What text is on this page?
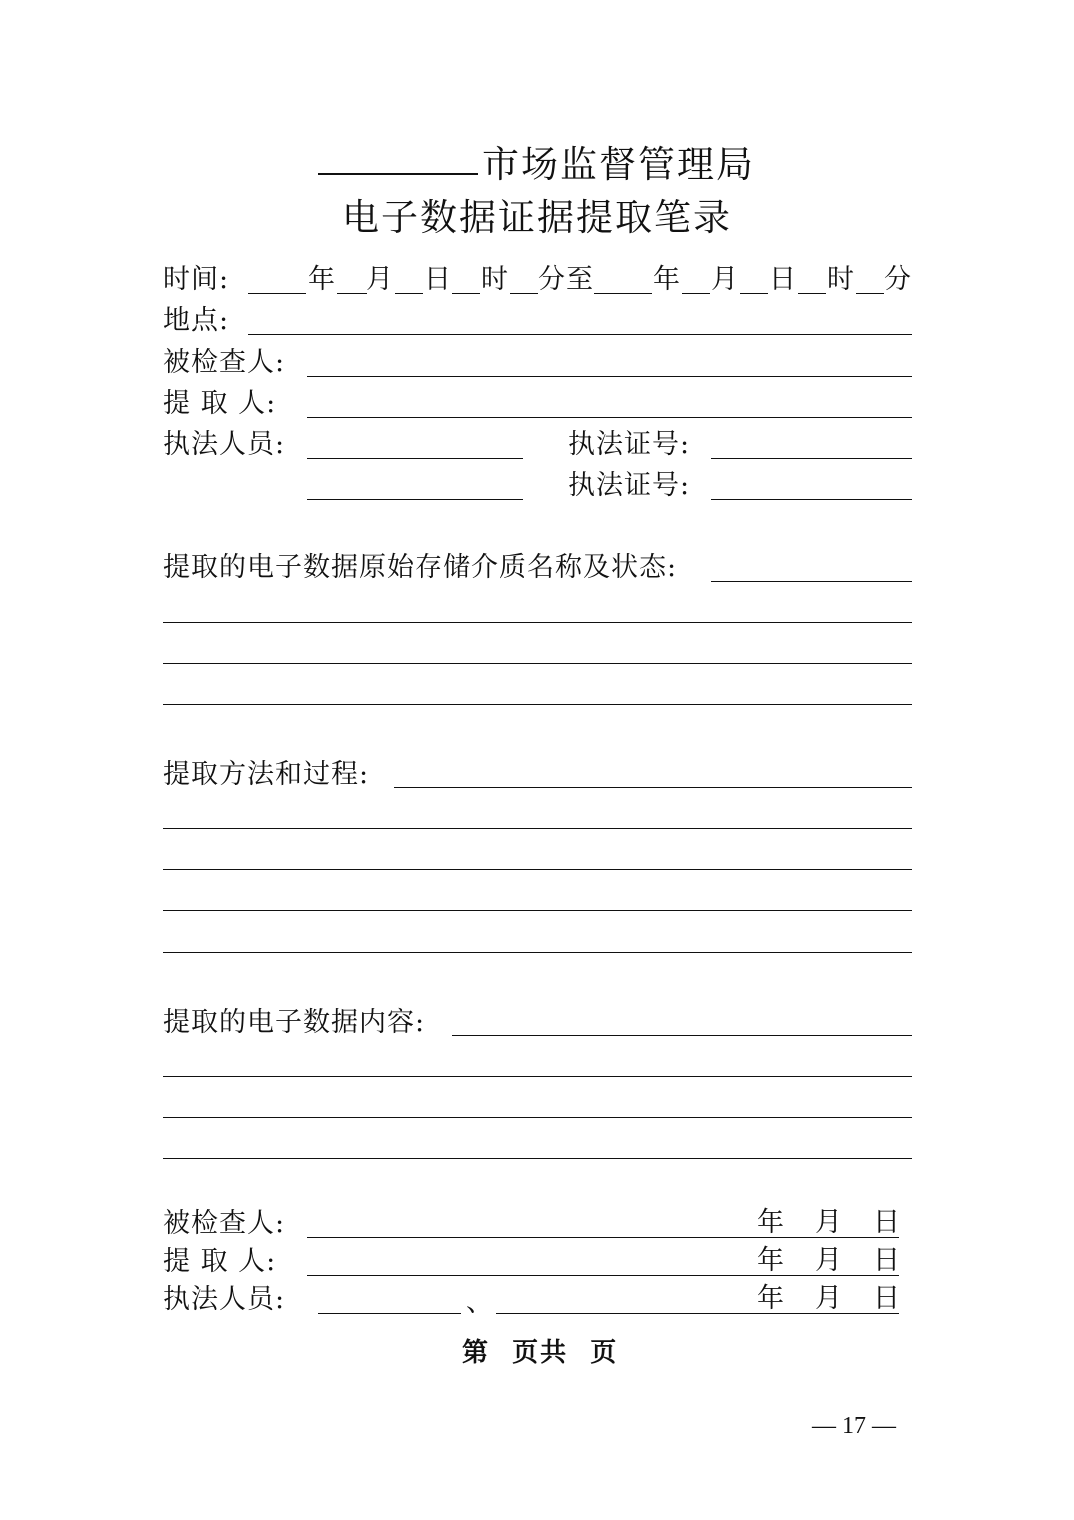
市场监督管理局
电子数据证据提取笔录
时间:	年 月 日 时 分 至 年 月 日 时 分
地点:
被检查人:
提 取 人:
执法人员:	执法证号:
执法证号:
提取的电子数据原始存储介质名称及状态:
提取方法和过程:
提取的电子数据内容:
被检查人:	年 月 日
提 取 人:	年 月 日
执法人员:	、	年 月 日
第  页共  页
— 17 —
